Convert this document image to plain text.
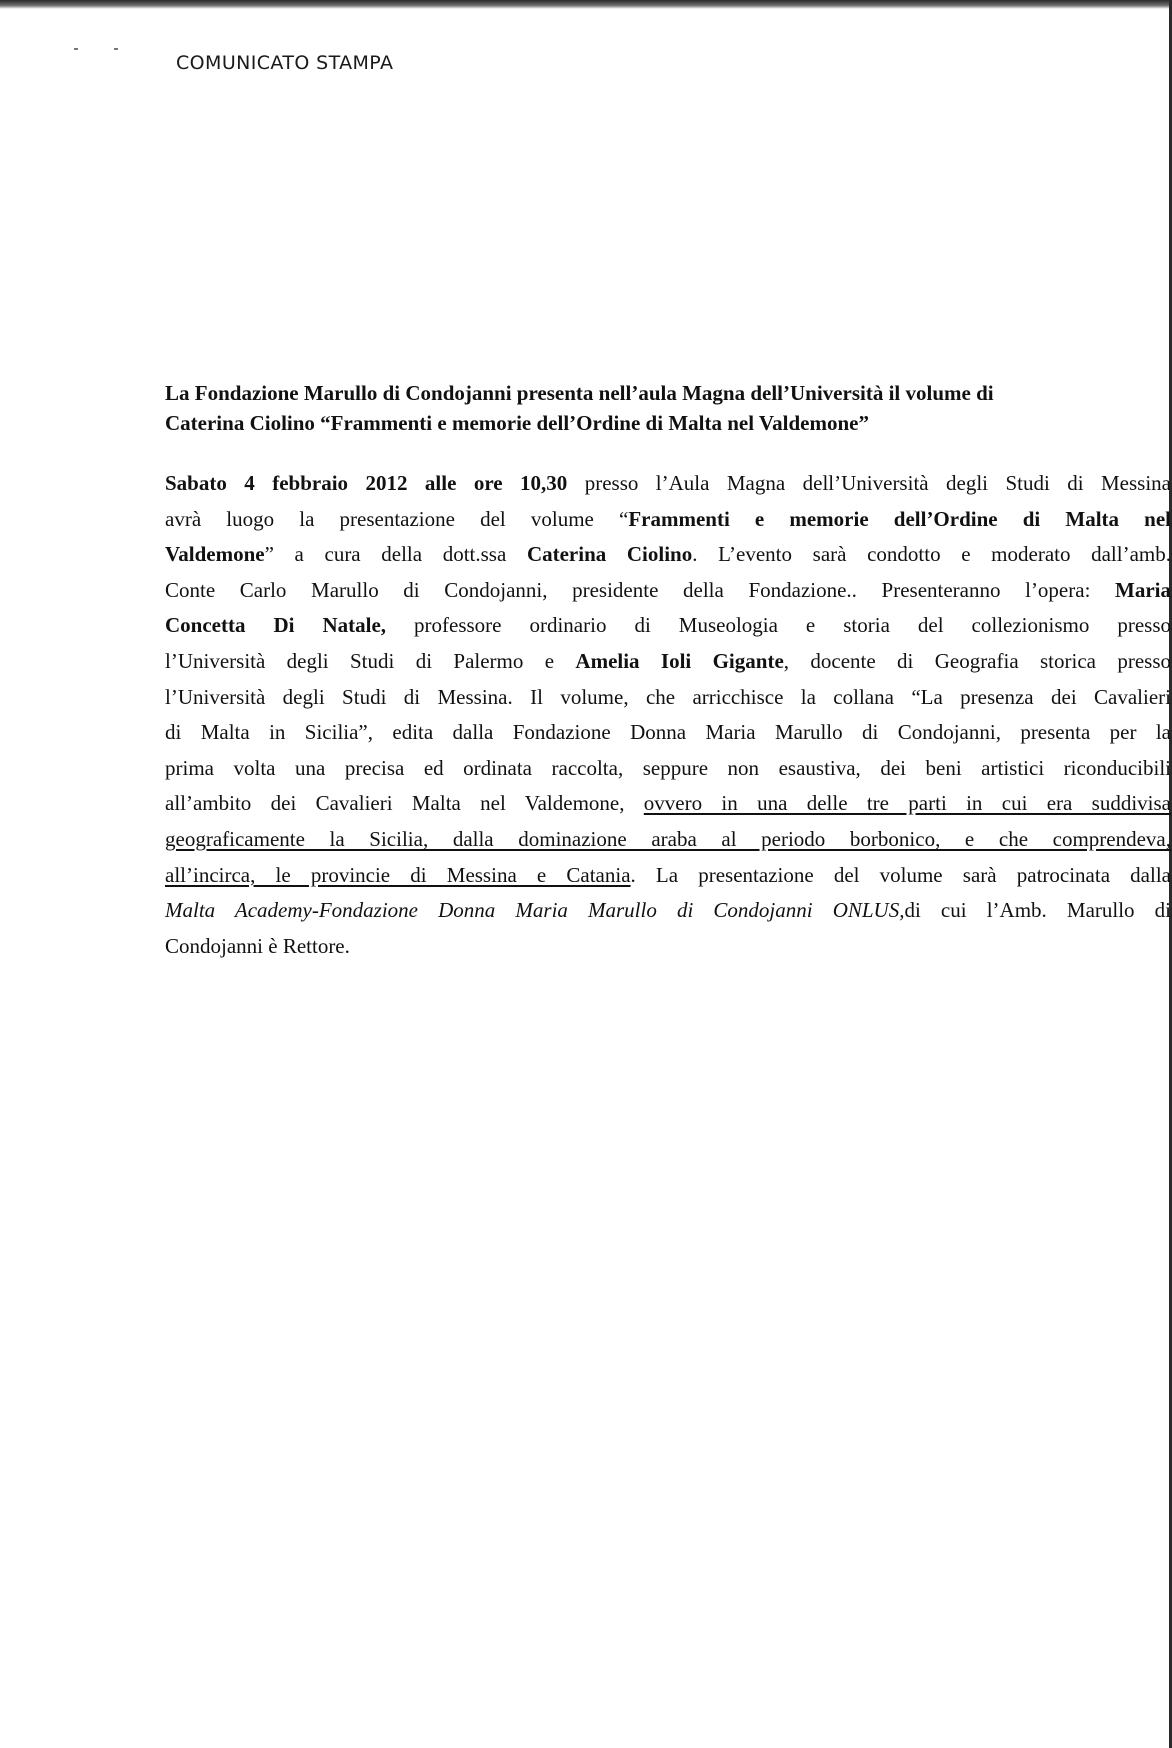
COMUNICATO STAMPA
La Fondazione Marullo di Condojanni presenta nell’aula Magna dell’Università il volume di
Caterina Ciolino “Frammenti e memorie dell’Ordine di Malta nel Valdemone”
Sabato 4 febbraio 2012 alle ore 10,30 presso l’Aula Magna dell’Università degli Studi di Messina
avrà luogo la presentazione del volume “Frammenti e memorie dell’Ordine di Malta nel
Valdemone” a cura della dott.ssa Caterina Ciolino. L’evento sarà condotto e moderato dall’amb.
Conte Carlo Marullo di Condojanni, presidente della Fondazione.. Presenteranno l’opera: Maria
Concetta Di Natale, professore ordinario di Museologia e storia del collezionismo presso
l’Università degli Studi di Palermo e Amelia Ioli Gigante, docente di Geografia storica presso
l’Università degli Studi di Messina. Il volume, che arricchisce la collana “La presenza dei Cavalieri
di Malta in Sicilia”, edita dalla Fondazione Donna Maria Marullo di Condojanni, presenta per la
prima volta una precisa ed ordinata raccolta, seppure non esaustiva, dei beni artistici riconducibili
all’ambito dei Cavalieri Malta nel Valdemone, ovvero in una delle tre parti in cui era suddivisa
geograficamente la Sicilia, dalla dominazione araba al periodo borbonico, e che comprendeva,
all’incirca, le provincie di Messina e Catania. La presentazione del volume sarà patrocinata dalla
Malta Academy-Fondazione Donna Maria Marullo di Condojanni ONLUS,di cui l’Amb. Marullo di
Condojanni è Rettore.
